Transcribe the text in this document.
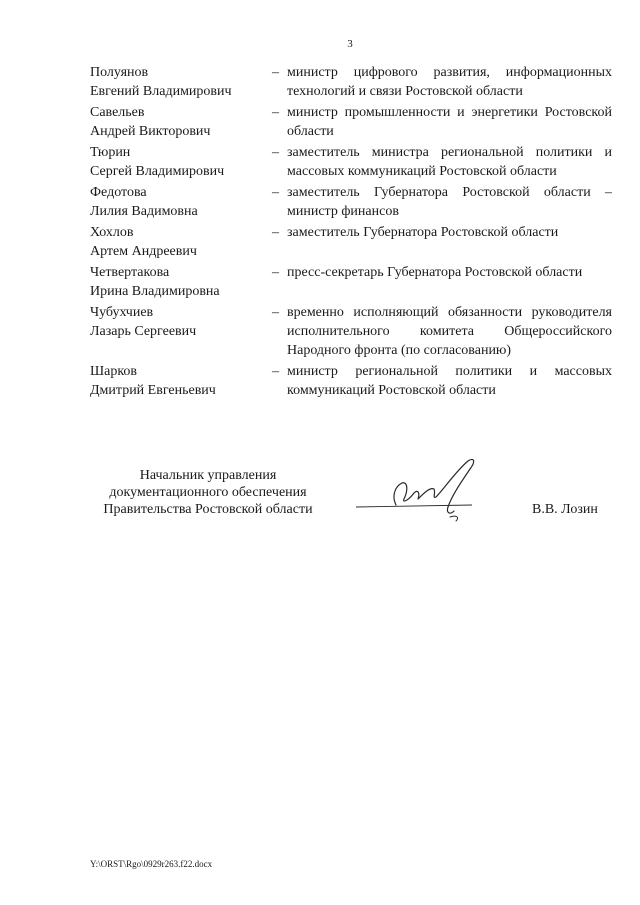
3
Полуянов
Евгений Владимирович
– министр цифрового развития, информационных технологий и связи Ростовской области
Савельев
Андрей Викторович
– министр промышленности и энергетики Ростовской области
Тюрин
Сергей Владимирович
– заместитель министра региональной политики и массовых коммуникаций Ростовской области
Федотова
Лилия Вадимовна
– заместитель Губернатора Ростовской области – министр финансов
Хохлов
Артем Андреевич
– заместитель Губернатора Ростовской области
Четвертакова
Ирина Владимировна
– пресс-секретарь Губернатора Ростовской области
Чубухчиев
Лазарь Сергеевич
– временно исполняющий обязанности руководителя исполнительного комитета Общероссийского Народного фронта (по согласованию)
Шарков
Дмитрий Евгеньевич
– министр региональной политики и массовых коммуникаций Ростовской области
Начальник управления
документационного обеспечения
Правительства Ростовской области	В.В. Лозин
Y:\ORST\Rgo\0929r263.f22.docx
